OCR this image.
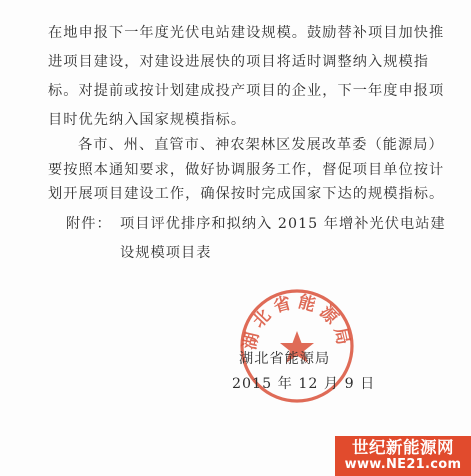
在地申报下一年度光伏电站建设规模。鼓励替补项目加快推
进项目建设，对建设进展快的项目将适时调整纳入规模指
标。对提前或按计划建成投产项目的企业，下一年度申报项
目时优先纳入国家规模指标。
各市、州、直管市、神农架林区发展改革委（能源局）
要按照本通知要求，做好协调服务工作，督促项目单位按计
划开展项目建设工作，确保按时完成国家下达的规模指标。
附件： 项目评优排序和拟纳入 2015 年增补光伏电站建设规模项目表
湖北省能源局
湖北省能源局
2015 年 12 月 9 日
世纪新能源网
www.NE21.com
